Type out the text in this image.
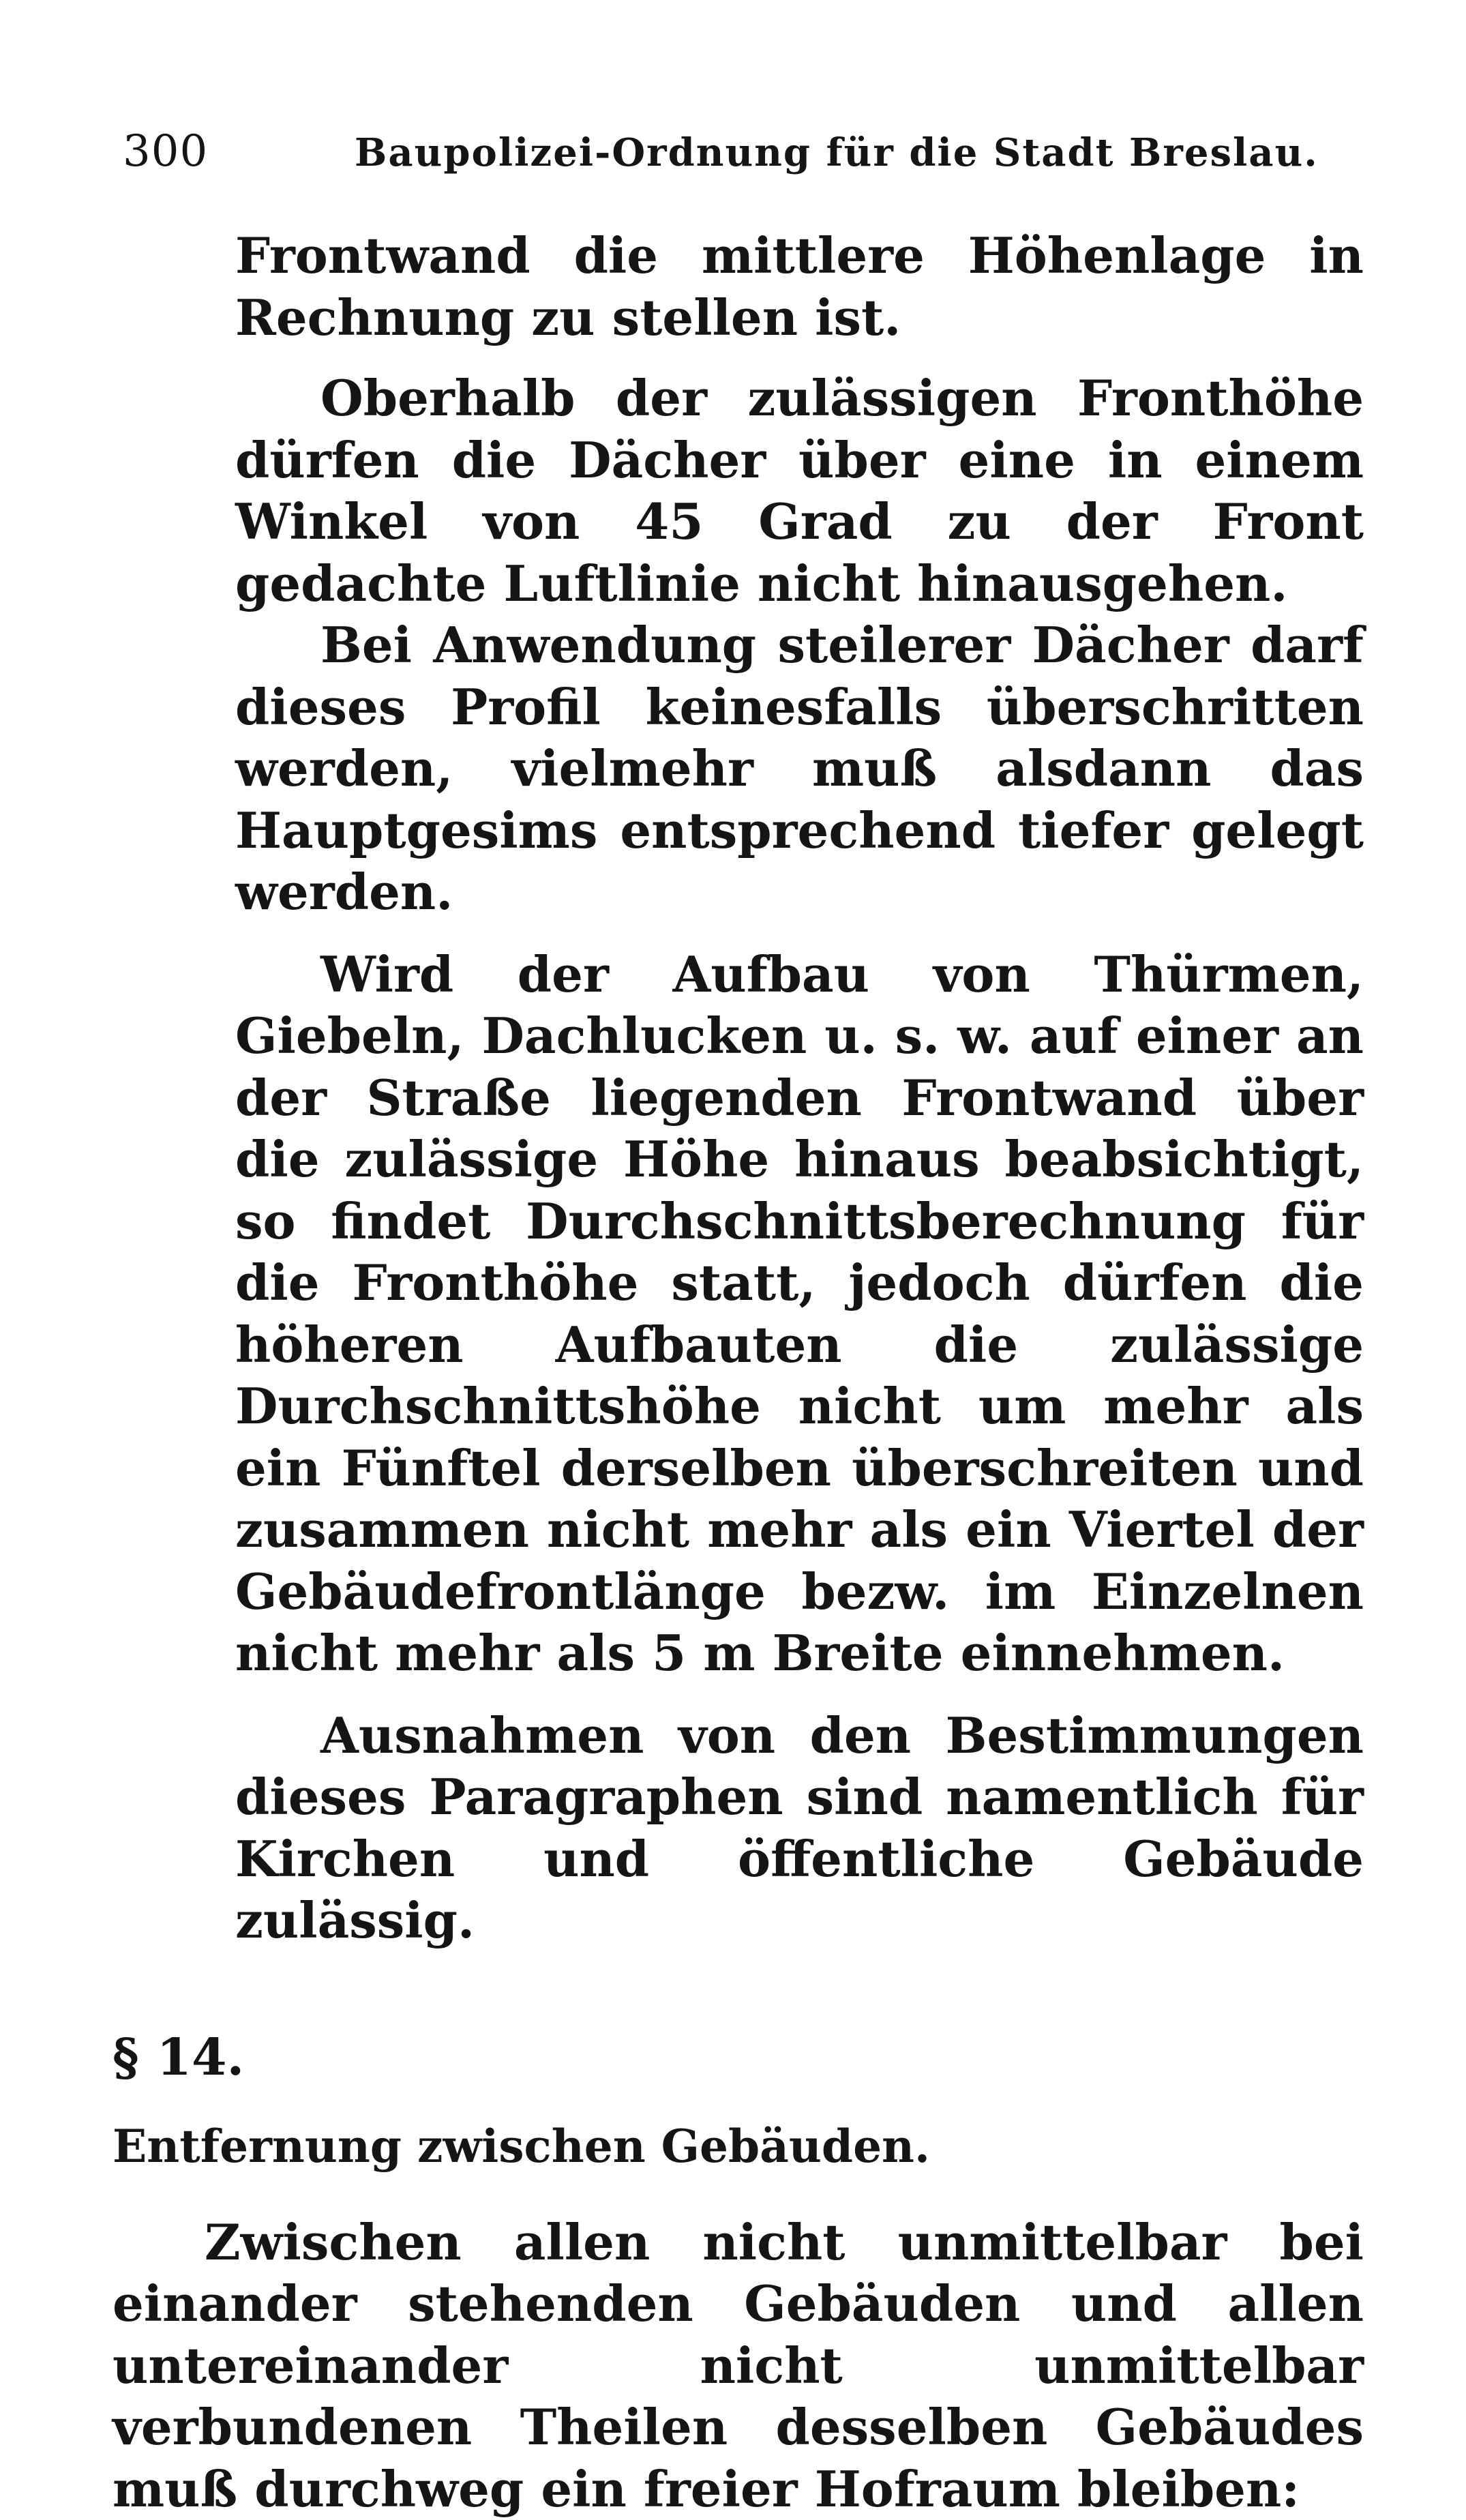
300	Baupolizei-Ordnung für die Stadt Breslau.

Frontwand die mittlere Höhenlage in Rechnung zu stellen ist.

Oberhalb der zulässigen Fronthöhe dürfen die Dächer über eine in einem Winkel von 45 Grad zu der Front gedachte Luftlinie nicht hinausgehen.

Bei Anwendung steilerer Dächer darf dieses Profil keinesfalls überschritten werden, vielmehr muß alsdann das Hauptgesims entsprechend tiefer gelegt werden.

Wird der Aufbau von Thürmen, Giebeln, Dachlucken u. s. w. auf einer an der Straße liegenden Frontwand über die zulässige Höhe hinaus beabsichtigt, so findet Durchschnittsberechnung für die Fronthöhe statt, jedoch dürfen die höheren Aufbauten die zulässige Durchschnittshöhe nicht um mehr als ein Fünftel derselben überschreiten und zusammen nicht mehr als ein Viertel der Gebäudefrontlänge bezw. im Einzelnen nicht mehr als 5 m Breite einnehmen.

Ausnahmen von den Bestimmungen dieses Paragraphen sind namentlich für Kirchen und öffentliche Gebäude zulässig.

§ 14.

Entfernung zwischen Gebäuden.

Zwischen allen nicht unmittelbar bei einander stehenden Gebäuden und allen untereinander nicht unmittelbar verbundenen Theilen desselben Gebäudes muß durchweg ein freier Hofraum bleiben:
